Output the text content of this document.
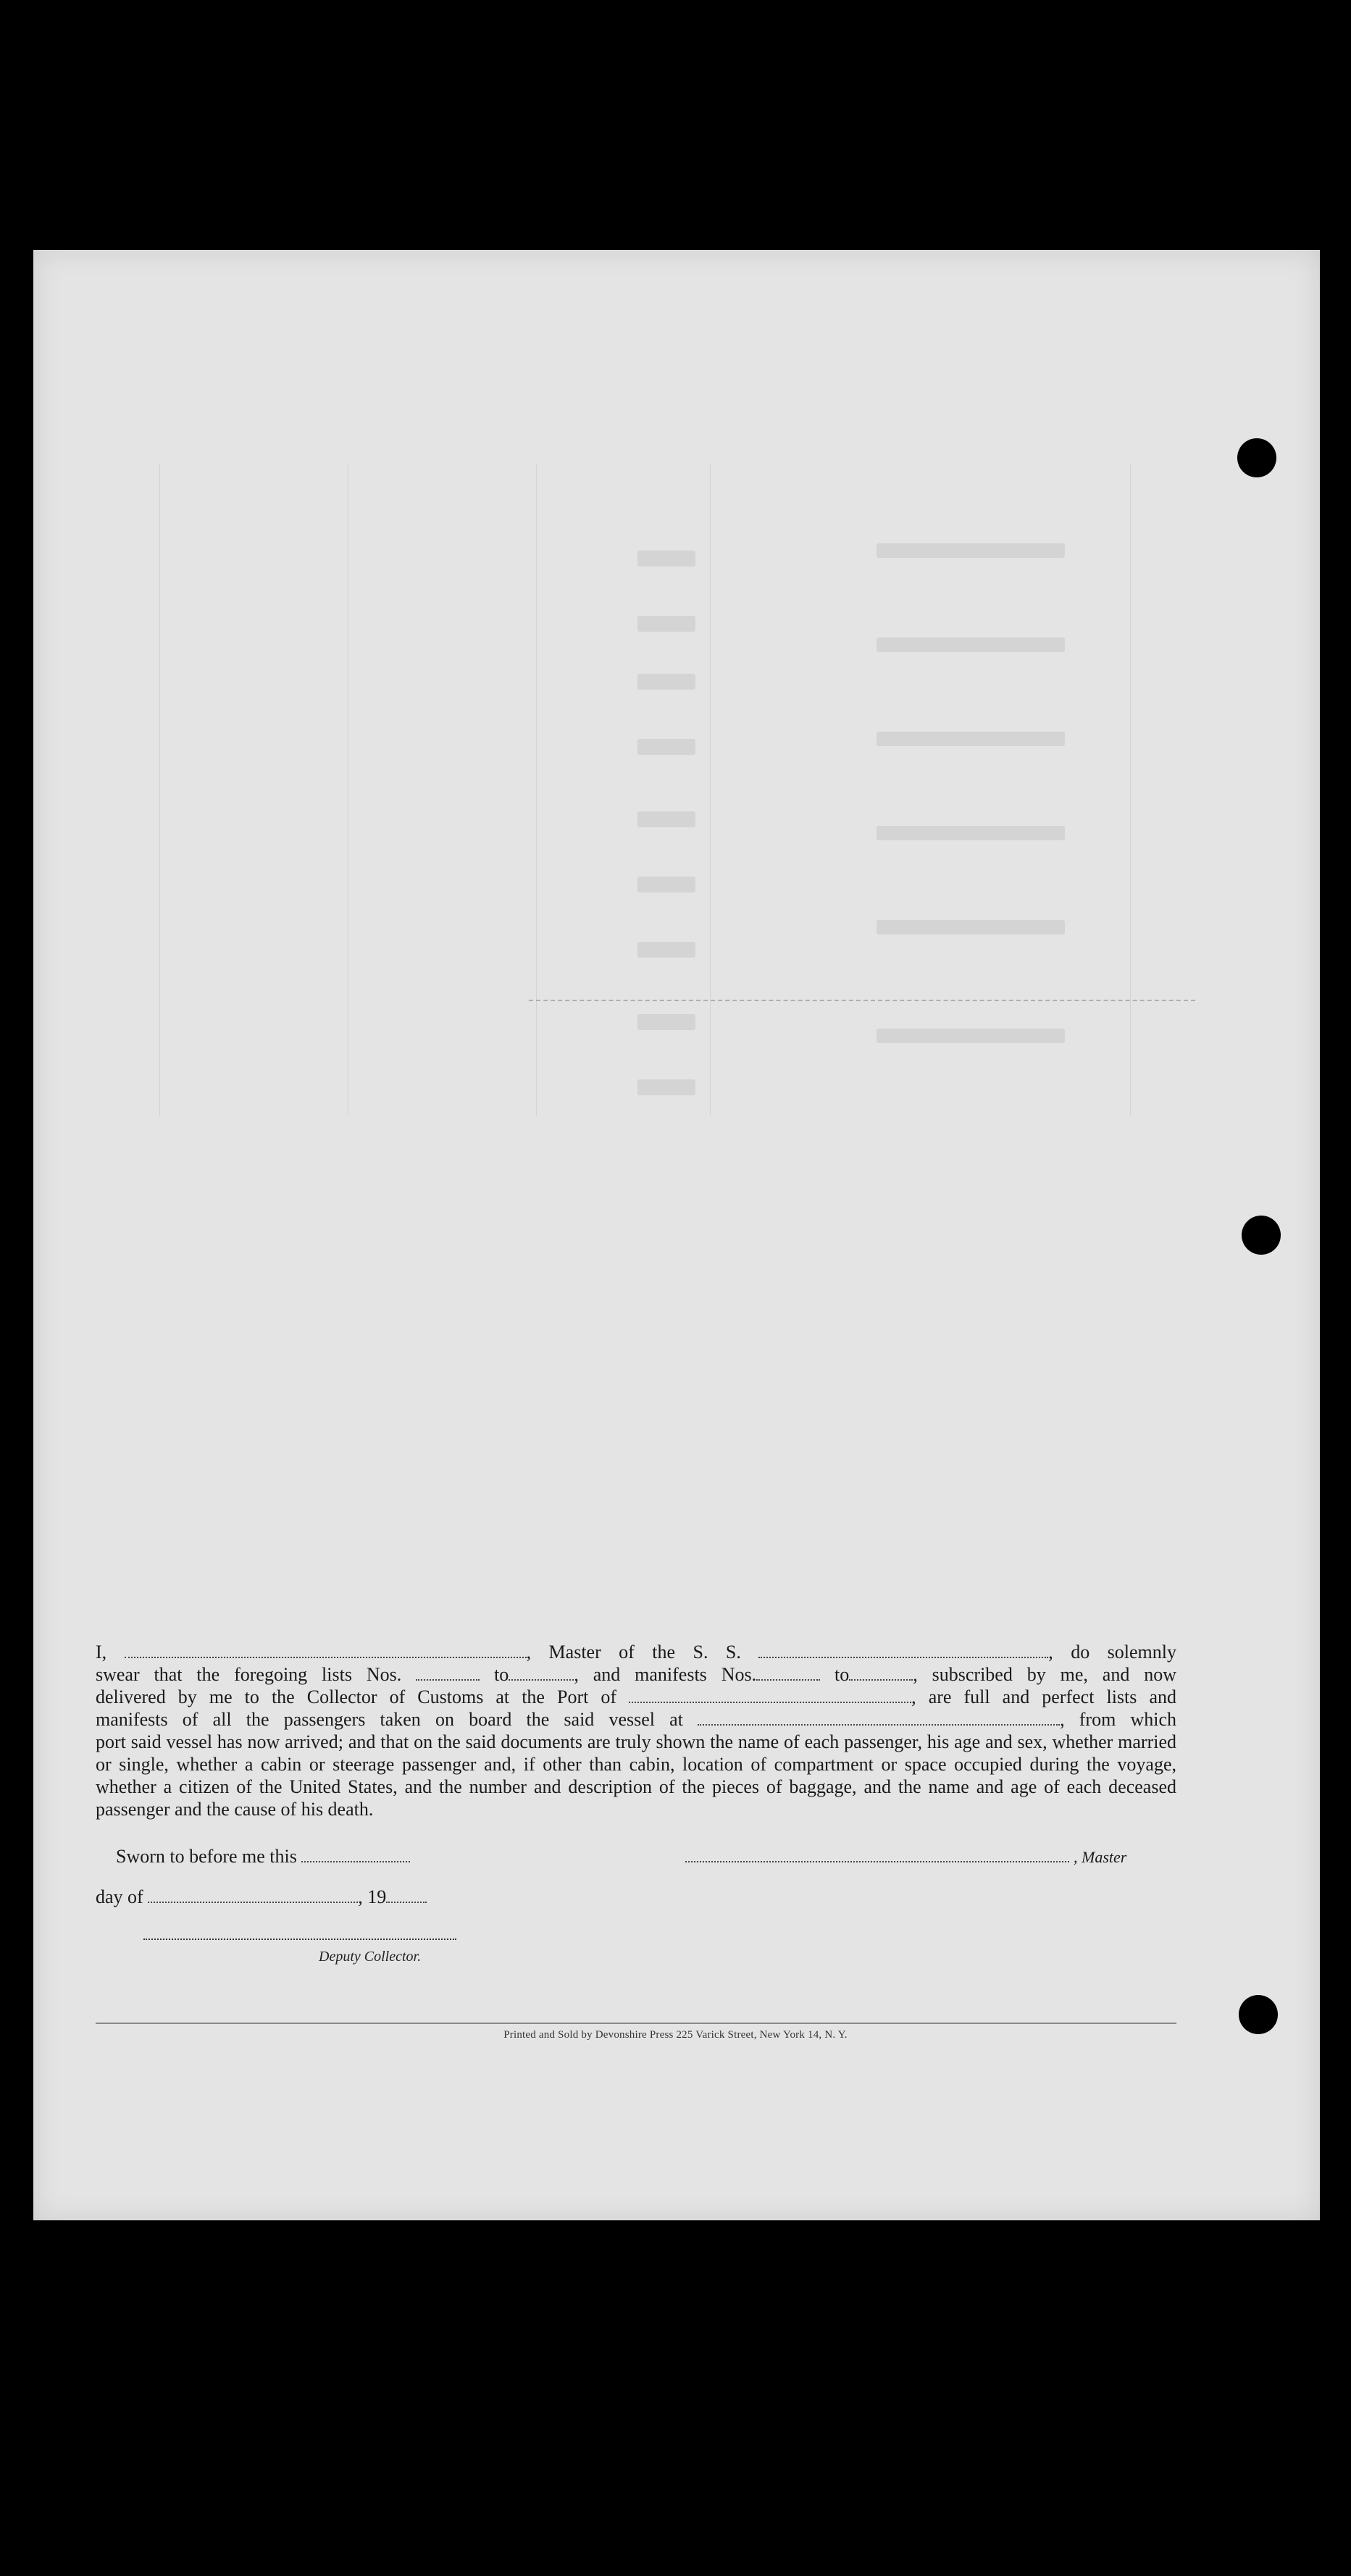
I,	, Master of the S. S.	, do solemnly

swear that the foregoing lists Nos.	to	, and manifests Nos.	to	, subscribed by me, and now

delivered by me to the Collector of Customs at the Port of	, are full and perfect lists and

manifests of all the passengers taken on board the said vessel at	, from which

port said vessel has now arrived; and that on the said documents are truly shown the name of each passenger, his age and sex, whether married or single, whether a cabin or steerage passenger and, if other than cabin, location of compartment or space occupied during the voyage, whether a citizen of the United States, and the number and description of the pieces of baggage, and the name and age of each deceased passenger and the cause of his death.

Sworn to before me this	, Master
day of	, 19
Deputy Collector.
Printed and Sold by Devonshire Press 225 Varick Street, New York 14, N. Y.
